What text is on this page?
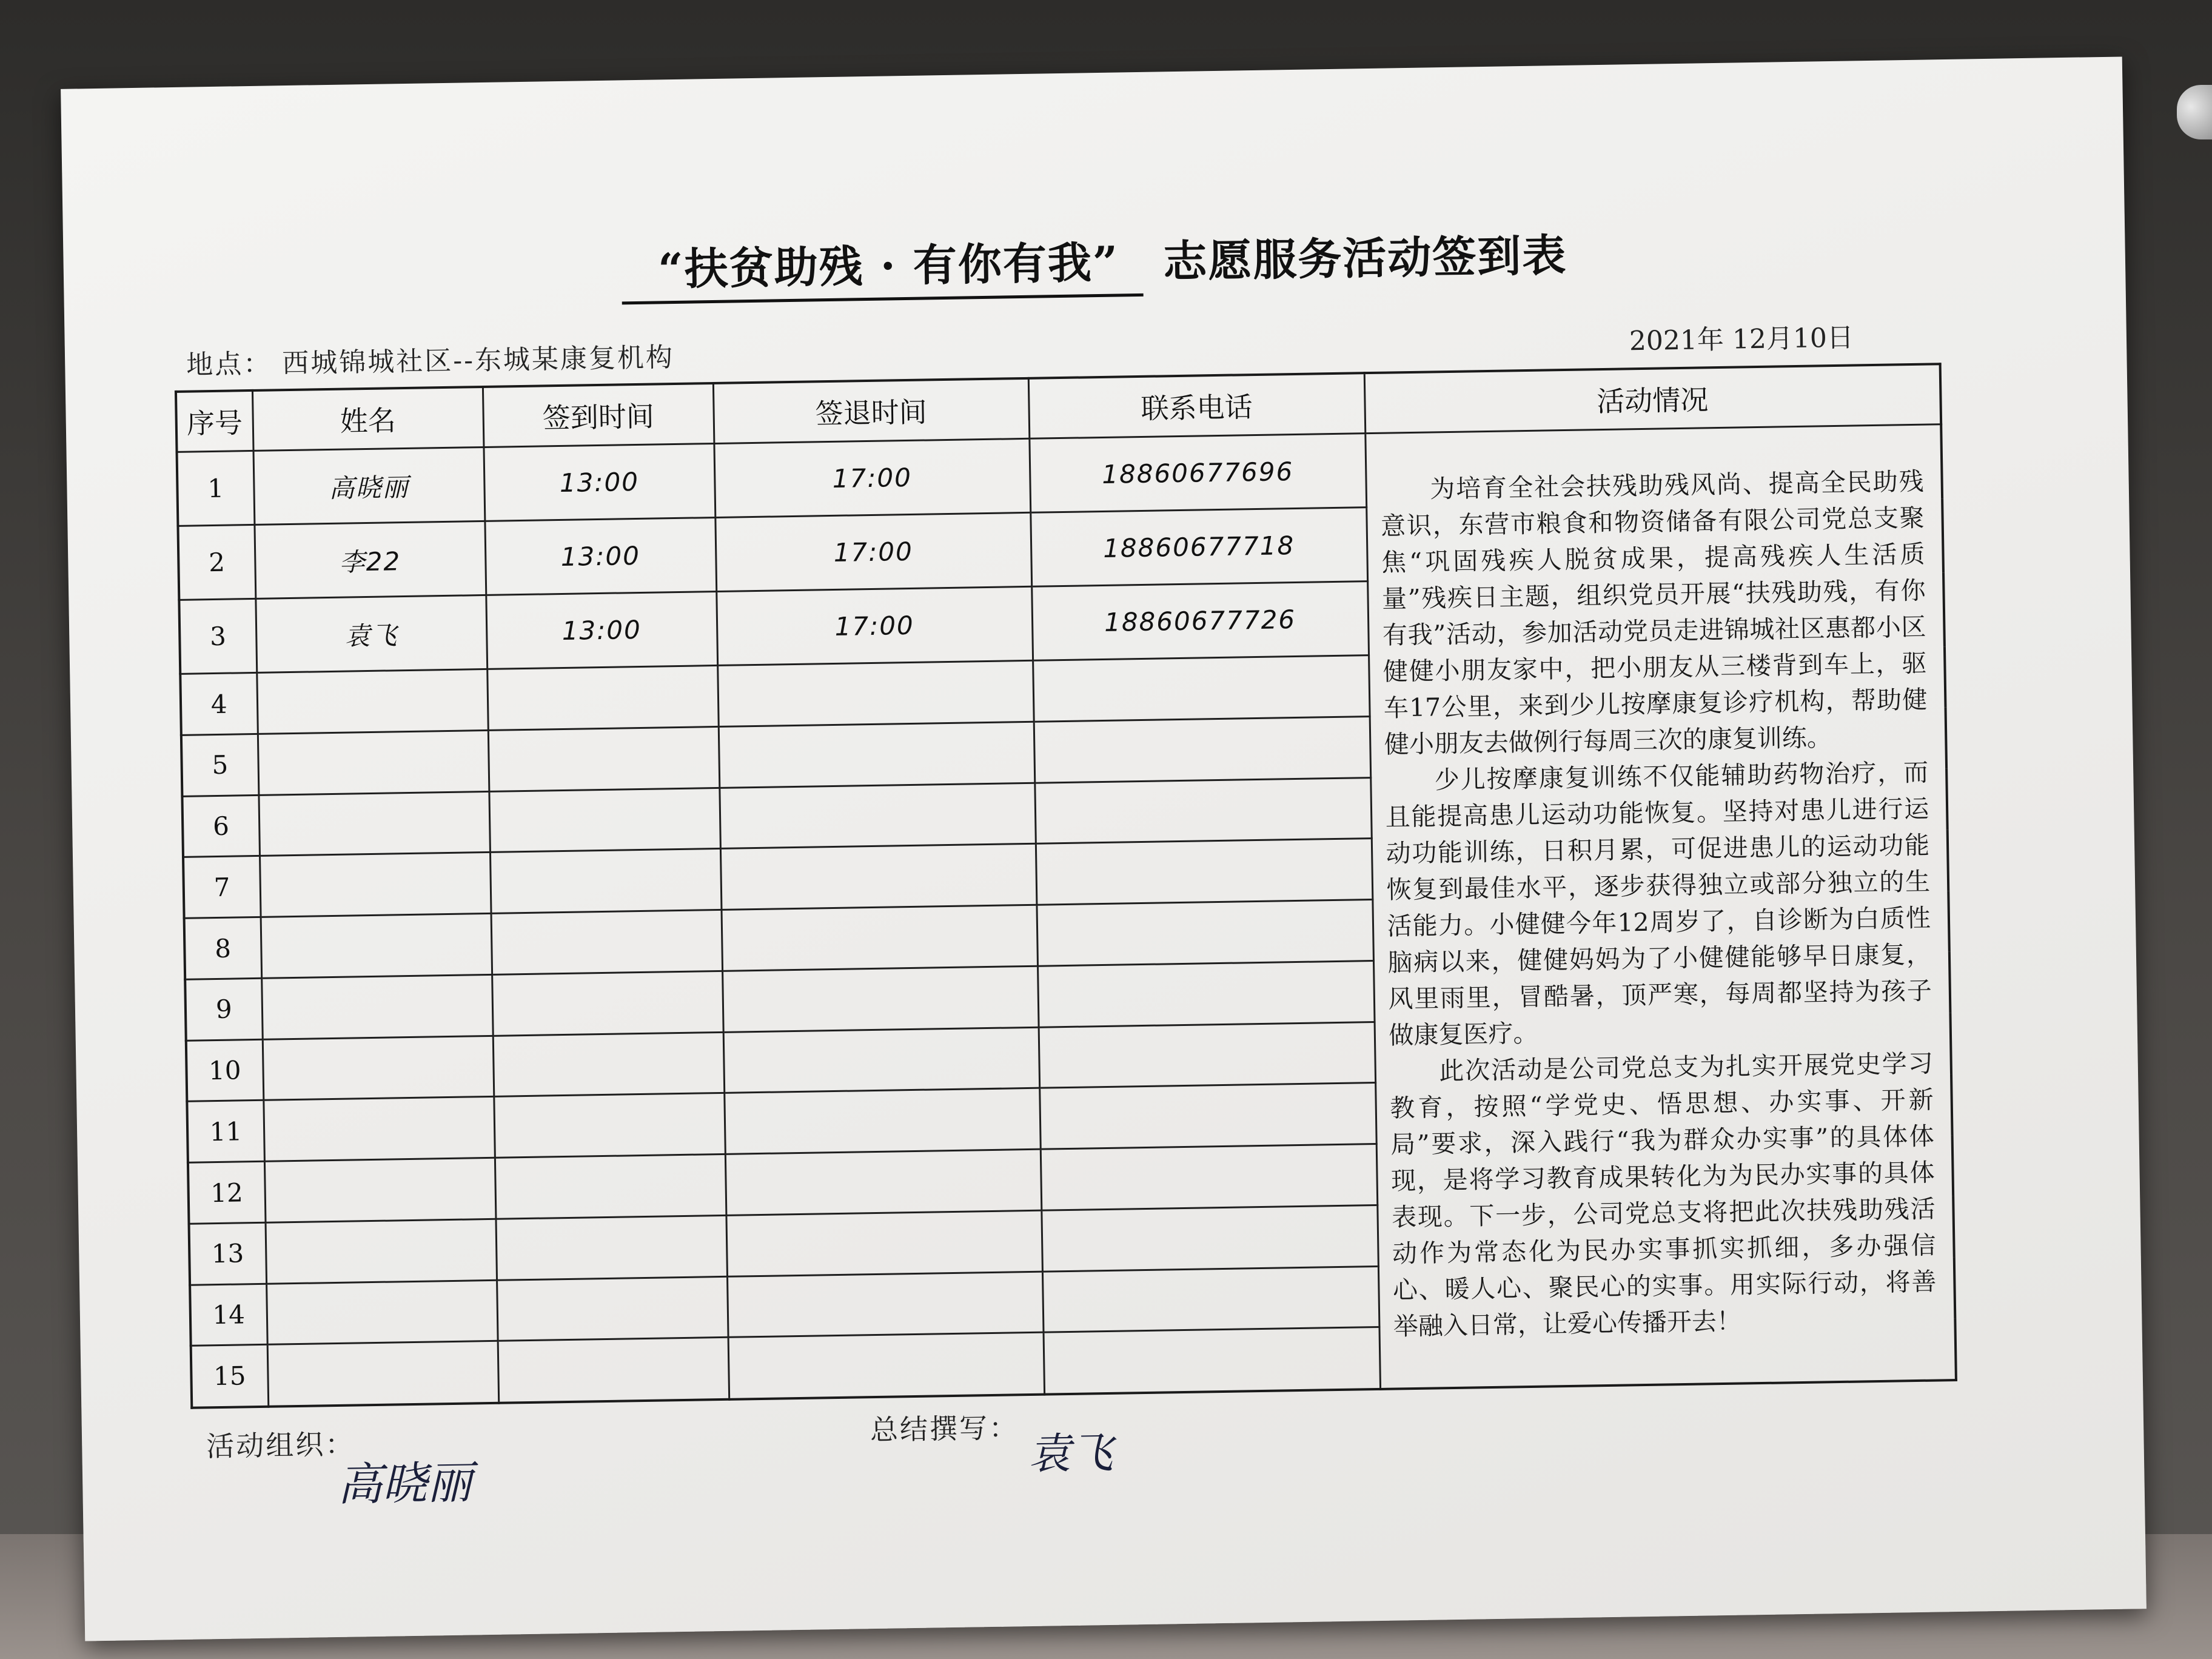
“扶贫助残 · 有你有我” 志愿服务活动签到表
地点： 西城锦城社区--东城某康复机构
2021年 12月10日
序号	姓名	签到时间	签退时间	联系电话	活动情况
1	高晓丽	13:00	17:00	18860677696	为培育全社会扶残助残风尚、提高全民助残意识，东营市粮食和物资储备有限公司党总支聚焦“巩固残疾人脱贫成果，提高残疾人生活质量”残疾日主题，组织党员开展“扶残助残，有你有我”活动，参加活动党员走进锦城社区惠都小区健健小朋友家中，把小朋友从三楼背到车上，驱车17公里，来到少儿按摩康复诊疗机构，帮助健健小朋友去做例行每周三次的康复训练。

少儿按摩康复训练不仅能辅助药物治疗，而且能提高患儿运动功能恢复。坚持对患儿进行运动功能训练，日积月累，可促进患儿的运动功能恢复到最佳水平，逐步获得独立或部分独立的生活能力。小健健今年12周岁了，自诊断为白质性脑病以来，健健妈妈为了小健健能够早日康复，风里雨里，冒酷暑，顶严寒，每周都坚持为孩子做康复医疗。

此次活动是公司党总支为扎实开展党史学习教育，按照“学党史、悟思想、办实事、开新局”要求，深入践行“我为群众办实事”的具体体现，是将学习教育成果转化为为民办实事的具体表现。下一步，公司党总支将把此次扶残助残活动作为常态化为民办实事抓实抓细，多办强信心、暖人心、聚民心的实事。用实际行动，将善举融入日常，让爱心传播开去！

2	李22	13:00	17:00	18860677718	
3	袁飞	13:00	17:00	18860677726	
4					
5					
6					
7					
8					
9					
10					
11					
12					
13					
14					
15					
活动组织：
高晓丽
总结撰写： 袁飞
